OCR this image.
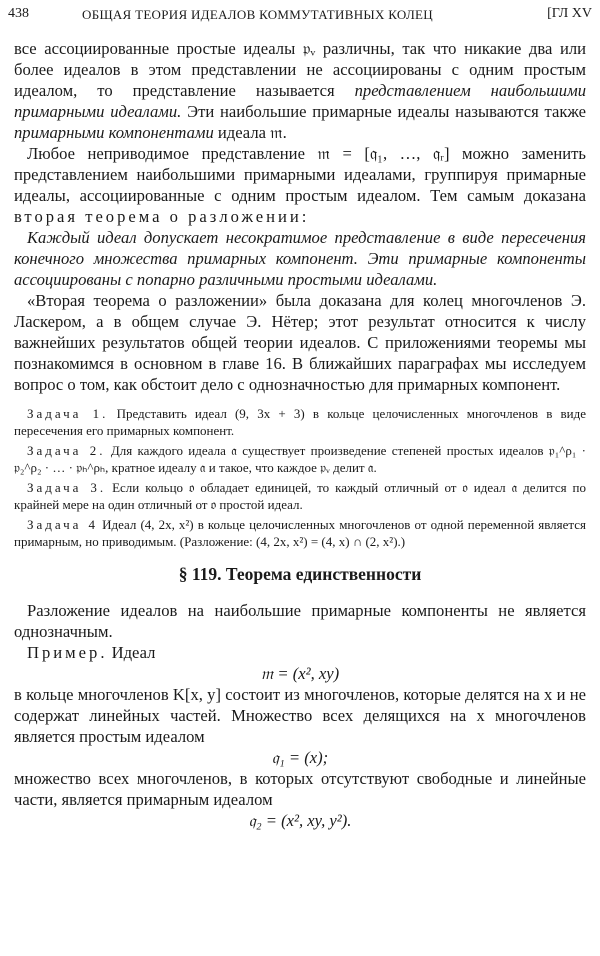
438	ОБЩАЯ ТЕОРИЯ ИДЕАЛОВ КОММУТАТИВНЫХ КОЛЕЦ	[ГЛ XV

все ассоциированные простые идеалы 𝔭ᵥ различны, так что никакие два или более идеалов в этом представлении не ассоциированы с одним простым идеалом, то представление называется представлением наибольшими примарными идеалами. Эти наибольшие примарные идеалы называются также примарными компонентами идеала 𝔪.

Любое неприводимое представление 𝔪 = [𝔮₁, …, 𝔮ᵣ] можно заменить представлением наибольшими примарными идеалами, группируя примарные идеалы, ассоциированные с одним простым идеалом. Тем самым доказана вторая теорема о разложении:

Каждый идеал допускает несократимое представление в виде пересечения конечного множества примарных компонент. Эти примарные компоненты ассоциированы с попарно различными простыми идеалами.

«Вторая теорема о разложении» была доказана для колец многочленов Э. Ласкером, а в общем случае Э. Нётер; этот результат относится к числу важнейших результатов общей теории идеалов. С приложениями теоремы мы познакомимся в основном в главе 16. В ближайших параграфах мы исследуем вопрос о том, как обстоит дело с однозначностью для примарных компонент.

Задача 1. Представить идеал (9, 3x + 3) в кольце целочисленных многочленов в виде пересечения его примарных компонент.

Задача 2. Для каждого идеала 𝔞 существует произведение степеней простых идеалов 𝔭₁^ρ₁ · 𝔭₂^ρ₂ · … · 𝔭ₕ^ρₕ, кратное идеалу 𝔞 и такое, что каждое 𝔭ᵥ делит 𝔞.

Задача 3. Если кольцо 𝔬 обладает единицей, то каждый отличный от 𝔬 идеал 𝔞 делится по крайней мере на один отличный от 𝔬 простой идеал.

Задача 4 Идеал (4, 2x, x²) в кольце целочисленных многочленов от одной переменной является примарным, но приводимым. (Разложение: (4, 2x, x²) = (4, x) ∩ (2, x²).)

§ 119. Теорема единственности

Разложение идеалов на наибольшие примарные компоненты не является однозначным.

Пример. Идеал

𝔪 = (x², xy)

в кольце многочленов K[x, y] состоит из многочленов, которые делятся на x и не содержат линейных частей. Множество всех делящихся на x многочленов является простым идеалом

𝔮₁ = (x);

множество всех многочленов, в которых отсутствуют свободные и линейные части, является примарным идеалом

𝔮₂ = (x², xy, y²).
